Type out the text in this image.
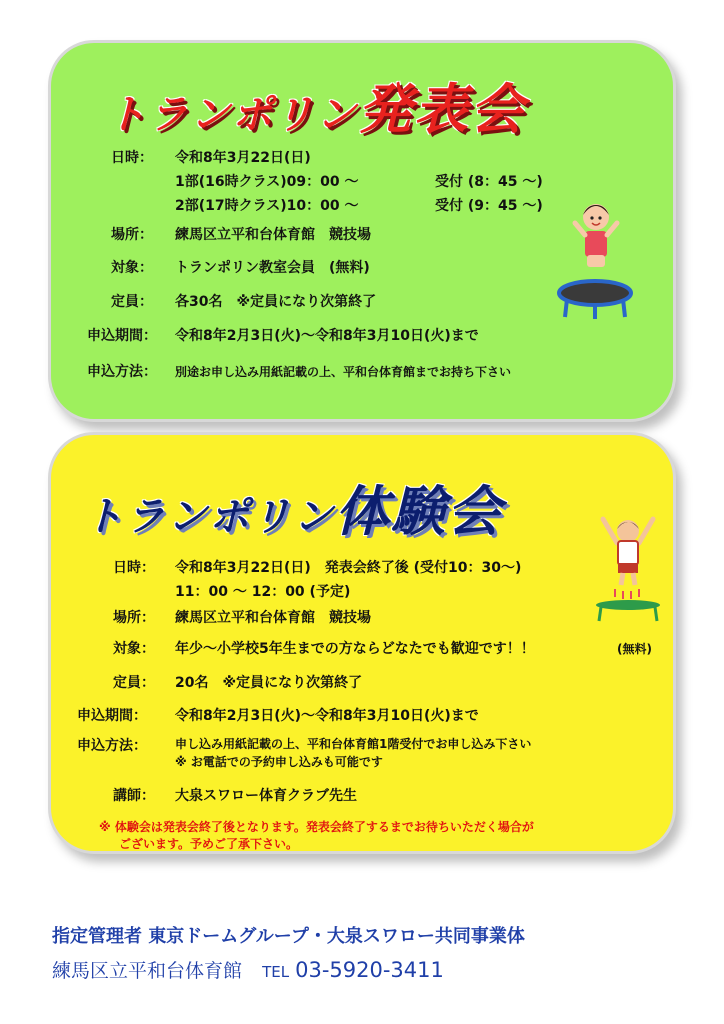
トランポリン発表会
日時： 令和8年3月22日(日)
1部(16時クラス)09：00 ～	受付 (8：45 ～)
2部(17時クラス)10：00 ～	受付 (9：45 ～)
場所： 練馬区立平和台体育館　競技場
対象： トランポリン教室会員　(無料)
定員： 各30名　※定員になり次第終了
申込期間： 令和8年2月3日(火)～令和8年3月10日(火)まで
申込方法： 別途お申し込み用紙記載の上、平和台体育館までお持ち下さい
トランポリン体験会
日時： 令和8年3月22日(日)　発表会終了後 (受付10：30～)
11：00 ～ 12：00 (予定)
場所： 練馬区立平和台体育館　競技場
対象： 年少～小学校5年生までの方ならどなたでも歓迎です！！	(無料)
定員： 20名　※定員になり次第終了
申込期間： 令和8年2月3日(火)～令和8年3月10日(火)まで
申込方法： 申し込み用紙記載の上、平和台体育館1階受付でお申し込み下さい
※ お電話での予約申し込みも可能です
講師： 大泉スワロー体育クラブ先生
※ 体験会は発表会終了後となります。発表会終了するまでお待ちいただく場合が
ございます。予めご了承下さい。
指定管理者 東京ドームグループ・大泉スワロー共同事業体
練馬区立平和台体育館 TEL 03-5920-3411
